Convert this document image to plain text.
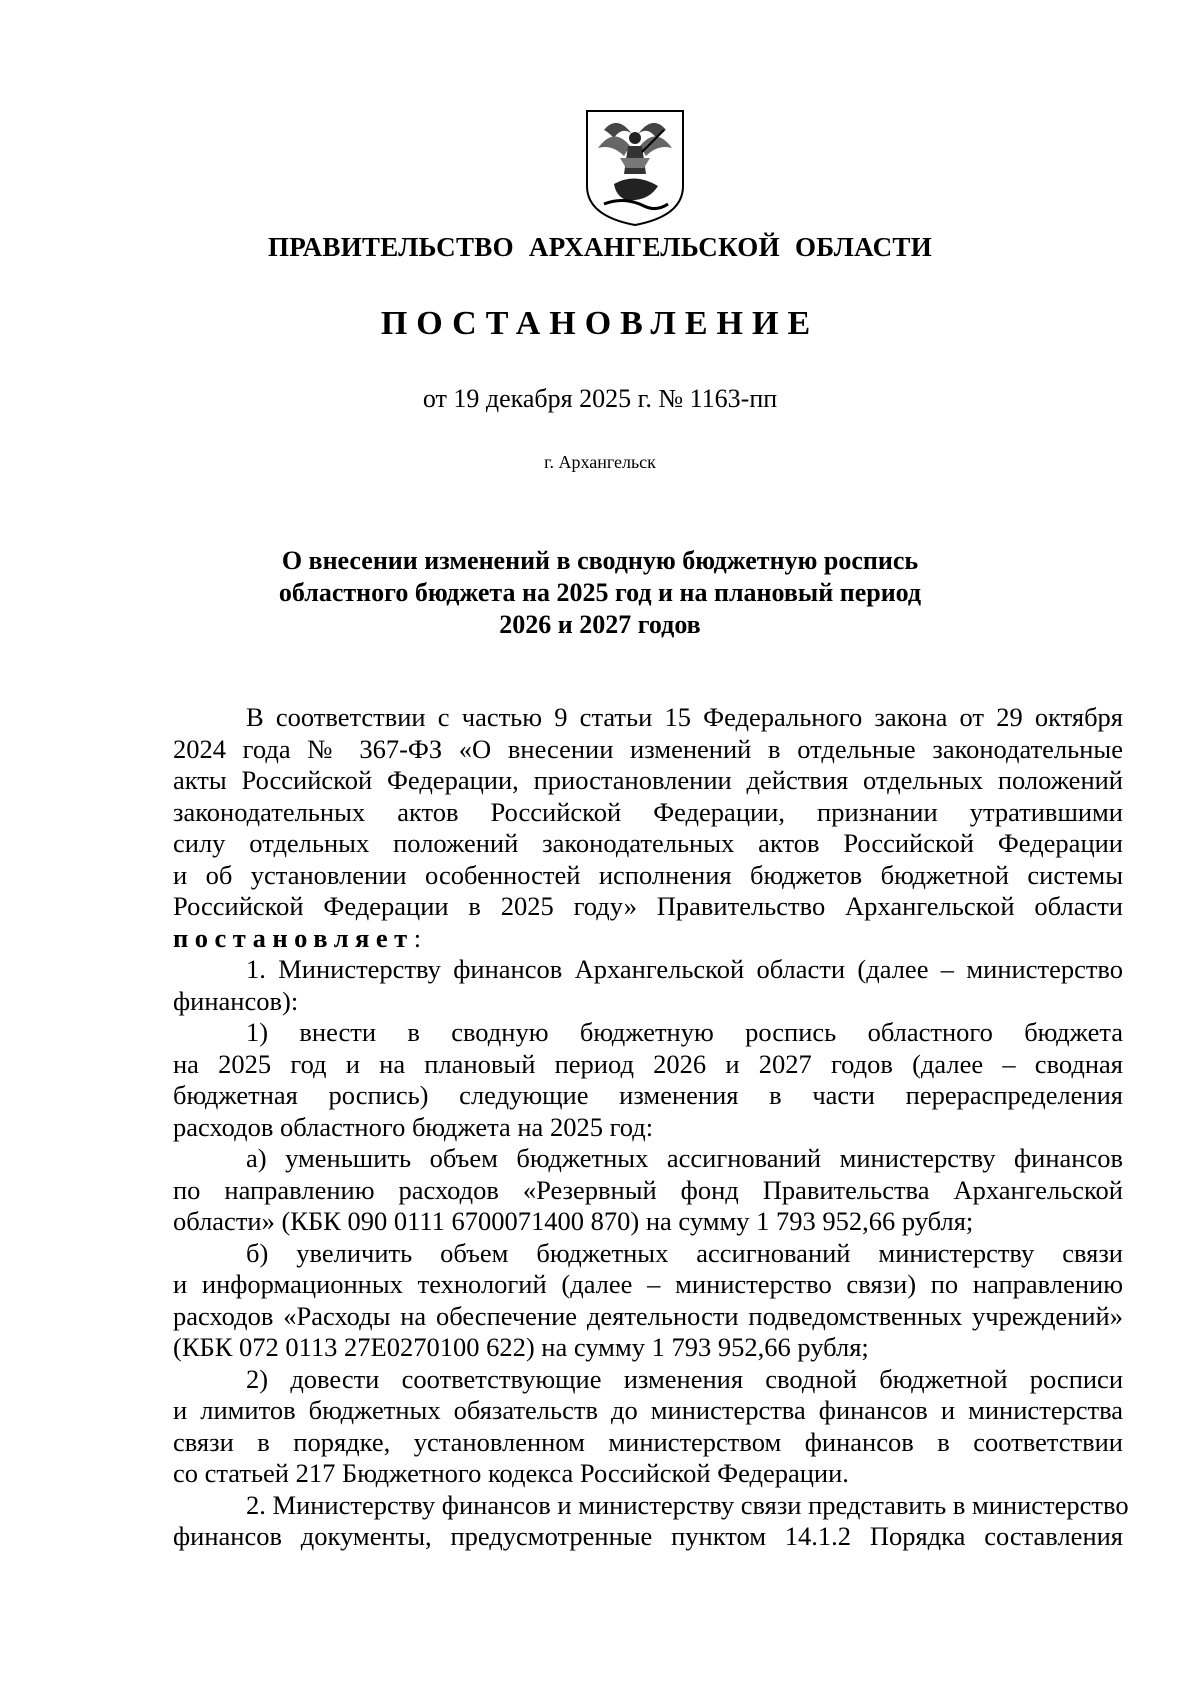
ПРАВИТЕЛЬСТВО АРХАНГЕЛЬСКОЙ ОБЛАСТИ
ПОСТАНОВЛЕНИЕ
от 19 декабря 2025 г. № 1163-пп
г. Архангельск
О внесении изменений в сводную бюджетную роспись
областного бюджета на 2025 год и на плановый период
2026 и 2027 годов
В соответствии с частью 9 статьи 15 Федерального закона от 29 октября
2024 года № 367-ФЗ «О внесении изменений в отдельные законодательные
акты Российской Федерации, приостановлении действия отдельных положений
законодательных актов Российской Федерации, признании утратившими
силу отдельных положений законодательных актов Российской Федерации
и об установлении особенностей исполнения бюджетов бюджетной системы
Российской Федерации в 2025 году» Правительство Архангельской области
постановляет:
1. Министерству финансов Архангельской области (далее – министерство
финансов):
1) внести в сводную бюджетную роспись областного бюджета
на 2025 год и на плановый период 2026 и 2027 годов (далее – сводная
бюджетная роспись) следующие изменения в части перераспределения
расходов областного бюджета на 2025 год:
а) уменьшить объем бюджетных ассигнований министерству финансов
по направлению расходов «Резервный фонд Правительства Архангельской
области» (КБК 090 0111 6700071400 870) на сумму 1 793 952,66 рубля;
б) увеличить объем бюджетных ассигнований министерству связи
и информационных технологий (далее – министерство связи) по направлению
расходов «Расходы на обеспечение деятельности подведомственных учреждений»
(КБК 072 0113 27Е0270100 622) на сумму 1 793 952,66 рубля;
2) довести соответствующие изменения сводной бюджетной росписи
и лимитов бюджетных обязательств до министерства финансов и министерства
связи в порядке, установленном министерством финансов в соответствии
со статьей 217 Бюджетного кодекса Российской Федерации.
2. Министерству финансов и министерству связи представить в министерство
финансов документы, предусмотренные пунктом 14.1.2 Порядка составления
